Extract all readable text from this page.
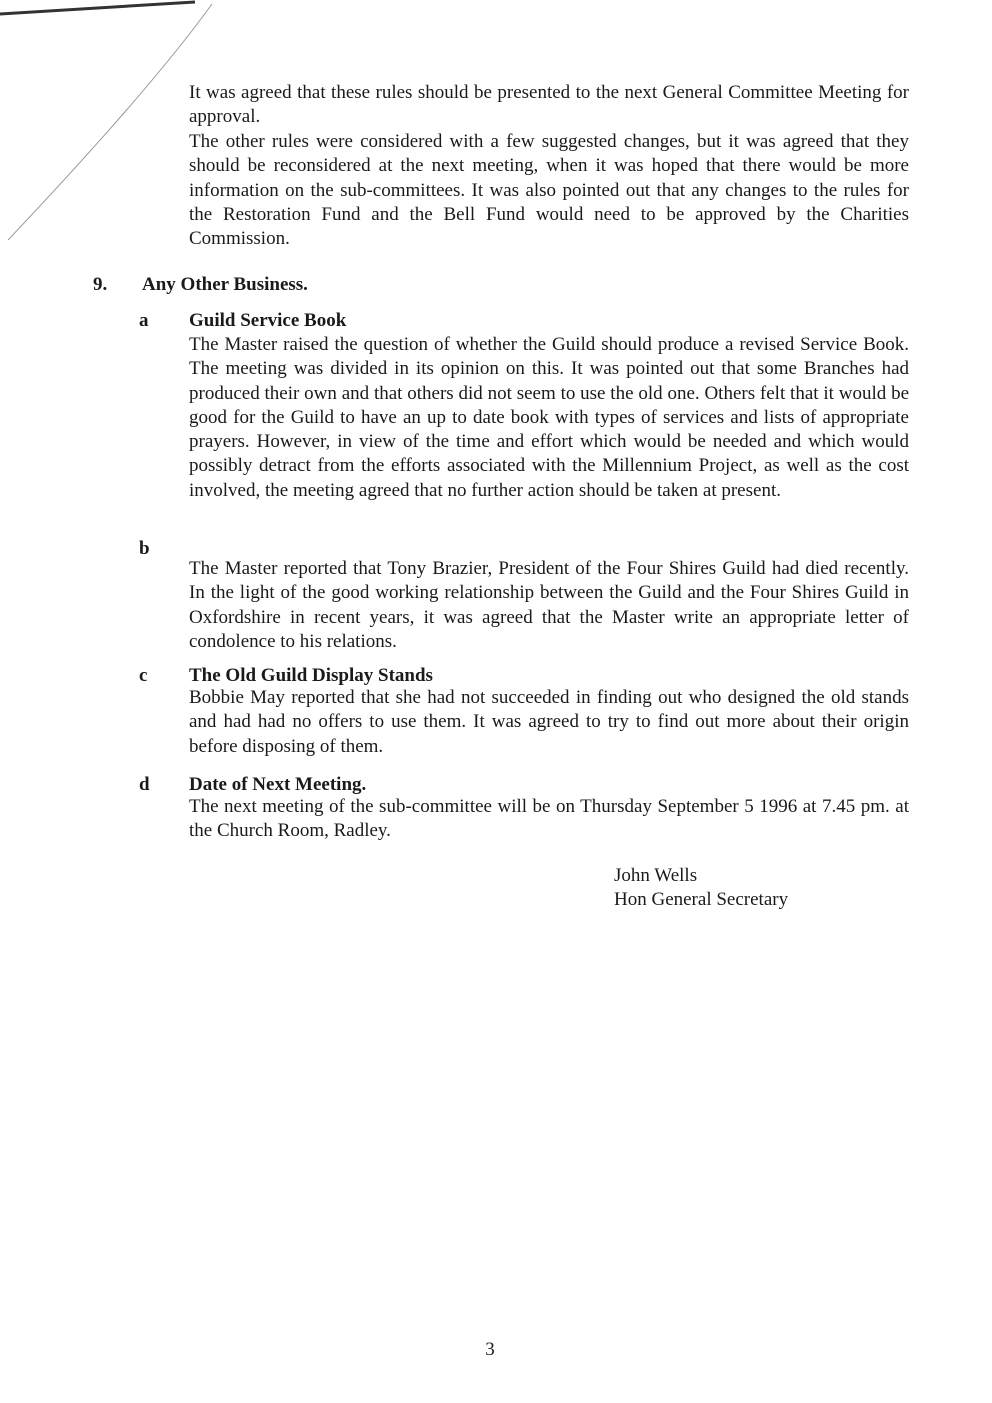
It was agreed that these rules should be presented to the next General Committee Meeting for approval.

The other rules were considered with a few suggested changes, but it was agreed that they should be reconsidered at the next meeting, when it was hoped that there would be more information on the sub-committees. It was also pointed out that any changes to the rules for the Restoration Fund and the Bell Fund would need to be approved by the Charities Commission.

9. Any Other Business.
a Guild Service Book

The Master raised the question of whether the Guild should produce a revised Service Book. The meeting was divided in its opinion on this. It was pointed out that some Branches had produced their own and that others did not seem to use the old one. Others felt that it would be good for the Guild to have an up to date book with types of services and lists of appropriate prayers. However, in view of the time and effort which would be needed and which would possibly detract from the efforts associated with the Millennium Project, as well as the cost involved, the meeting agreed that no further action should be taken at present.

b

The Master reported that Tony Brazier, President of the Four Shires Guild had died recently. In the light of the good working relationship between the Guild and the Four Shires Guild in Oxfordshire in recent years, it was agreed that the Master write an appropriate letter of condolence to his relations.

c The Old Guild Display Stands

Bobbie May reported that she had not succeeded in finding out who designed the old stands and had had no offers to use them. It was agreed to try to find out more about their origin before disposing of them.

d Date of Next Meeting.

The next meeting of the sub-committee will be on Thursday September 5 1996 at 7.45 pm. at the Church Room, Radley.

John Wells
Hon General Secretary
3
